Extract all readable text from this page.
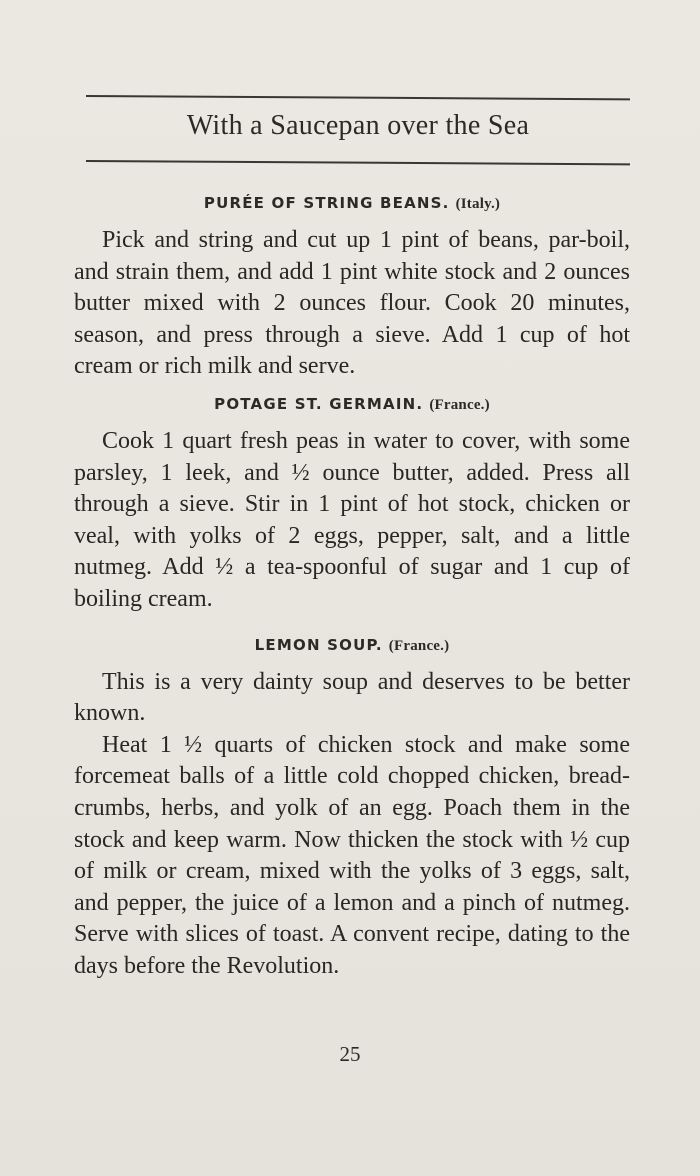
With a Saucepan over the Sea
PURÉE OF STRING BEANS. (Italy.)

Pick and string and cut up 1 pint of beans, par-boil, and strain them, and add 1 pint white stock and 2 ounces butter mixed with 2 ounces flour. Cook 20 minutes, season, and press through a sieve. Add 1 cup of hot cream or rich milk and serve.

POTAGE ST. GERMAIN. (France.)

Cook 1 quart fresh peas in water to cover, with some parsley, 1 leek, and ½ ounce butter, added. Press all through a sieve. Stir in 1 pint of hot stock, chicken or veal, with yolks of 2 eggs, pepper, salt, and a little nutmeg. Add ½ a tea-spoonful of sugar and 1 cup of boiling cream.

LEMON SOUP. (France.)

This is a very dainty soup and deserves to be better known.

Heat 1 ½ quarts of chicken stock and make some forcemeat balls of a little cold chopped chicken, bread-crumbs, herbs, and yolk of an egg. Poach them in the stock and keep warm. Now thicken the stock with ½ cup of milk or cream, mixed with the yolks of 3 eggs, salt, and pepper, the juice of a lemon and a pinch of nutmeg. Serve with slices of toast. A convent recipe, dating to the days before the Revolution.

25
